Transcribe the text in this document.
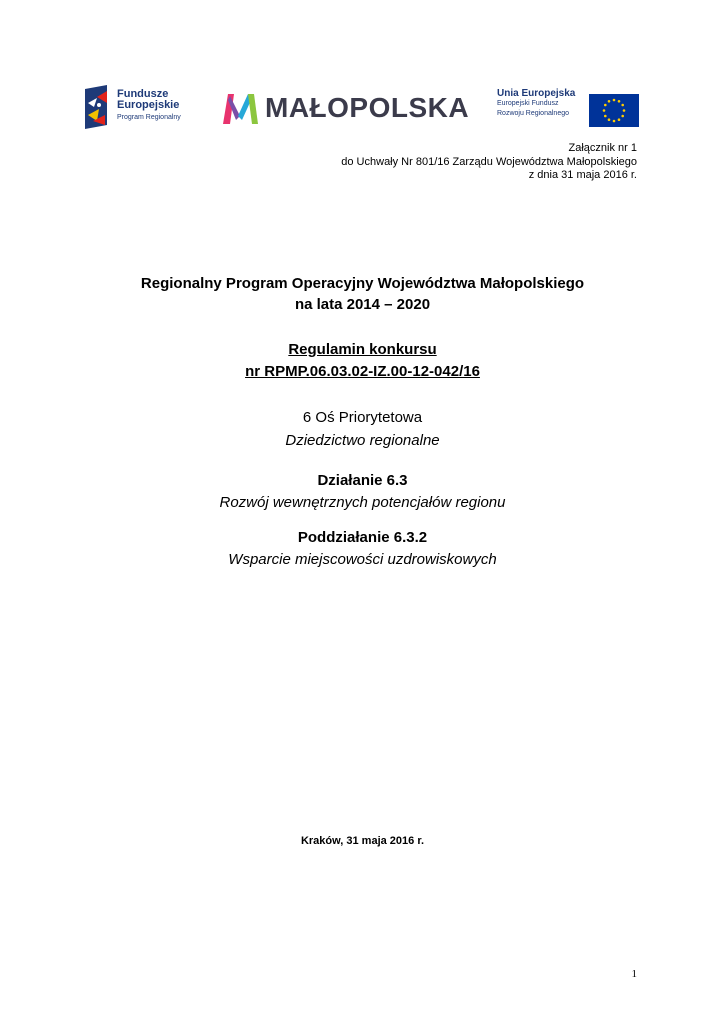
Fundusze
Europejskie
Program Regionalny	MAŁOPOLSKA	Unia Europejska
Europejski Fundusz
Rozwoju Regionalnego
Załącznik nr 1
do Uchwały Nr 801/16 Zarządu Województwa Małopolskiego
z dnia 31 maja 2016 r.
Regionalny Program Operacyjny Województwa Małopolskiego
na lata 2014 – 2020
Regulamin konkursu
nr RPMP.06.03.02-IZ.00-12-042/16
6 Oś Priorytetowa
Dziedzictwo regionalne
Działanie 6.3
Rozwój wewnętrznych potencjałów regionu
Poddziałanie 6.3.2
Wsparcie miejscowości uzdrowiskowych
Kraków, 31 maja 2016 r.
1
